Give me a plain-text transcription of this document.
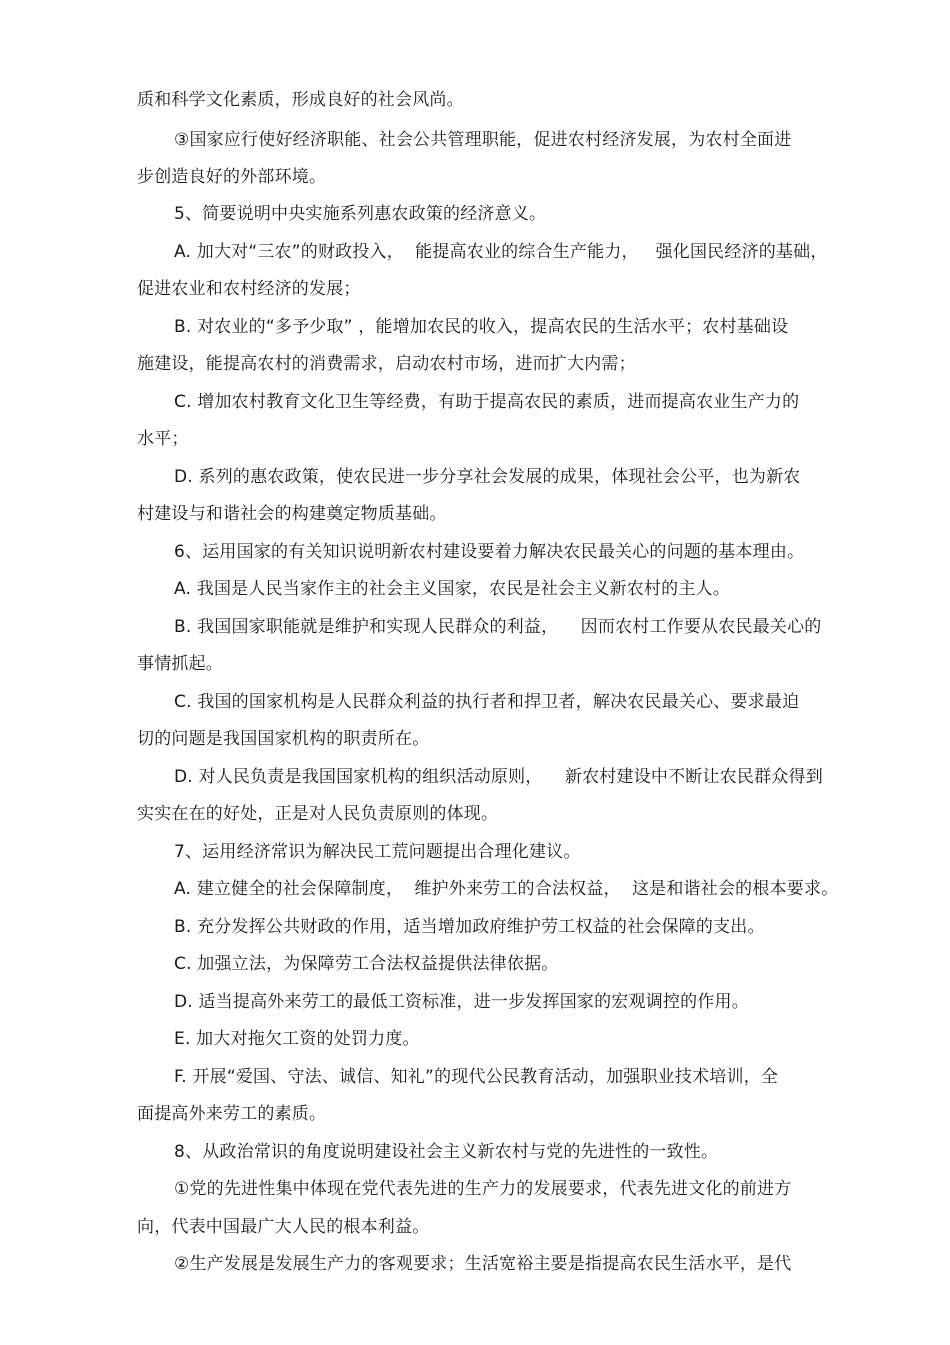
质和科学文化素质，形成良好的社会风尚。
③国家应行使好经济职能、社会公共管理职能，促进农村经济发展，为农村全面进
步创造良好的外部环境。
5、简要说明中央实施系列惠农政策的经济意义。
A. 加大对“三农”的财政投入，  能提高农业的综合生产能力，   强化国民经济的基础，
促进农业和农村经济的发展；
B. 对农业的“多予少取” ，能增加农民的收入，提高农民的生活水平；农村基础设
施建设，能提高农村的消费需求，启动农村市场，进而扩大内需；
C. 增加农村教育文化卫生等经费，有助于提高农民的素质，进而提高农业生产力的
水平；
D. 系列的惠农政策，使农民进一步分享社会发展的成果，体现社会公平，也为新农
村建设与和谐社会的构建奠定物质基础。
6、运用国家的有关知识说明新农村建设要着力解决农民最关心的问题的基本理由。
A. 我国是人民当家作主的社会主义国家，农民是社会主义新农村的主人。
B. 我国国家职能就是维护和实现人民群众的利益，    因而农村工作要从农民最关心的
事情抓起。
C. 我国的国家机构是人民群众利益的执行者和捍卫者，解决农民最关心、要求最迫
切的问题是我国国家机构的职责所在。
D. 对人民负责是我国国家机构的组织活动原则，    新农村建设中不断让农民群众得到
实实在在的好处，正是对人民负责原则的体现。
7、运用经济常识为解决民工荒问题提出合理化建议。
A. 建立健全的社会保障制度，  维护外来劳工的合法权益，  这是和谐社会的根本要求。
B. 充分发挥公共财政的作用，适当增加政府维护劳工权益的社会保障的支出。
C. 加强立法，为保障劳工合法权益提供法律依据。
D. 适当提高外来劳工的最低工资标准，进一步发挥国家的宏观调控的作用。
E. 加大对拖欠工资的处罚力度。
F. 开展“爱国、守法、诚信、知礼”的现代公民教育活动，加强职业技术培训，全
面提高外来劳工的素质。
8、从政治常识的角度说明建设社会主义新农村与党的先进性的一致性。
①党的先进性集中体现在党代表先进的生产力的发展要求，代表先进文化的前进方
向，代表中国最广大人民的根本利益。
②生产发展是发展生产力的客观要求；生活宽裕主要是指提高农民生活水平，是代
